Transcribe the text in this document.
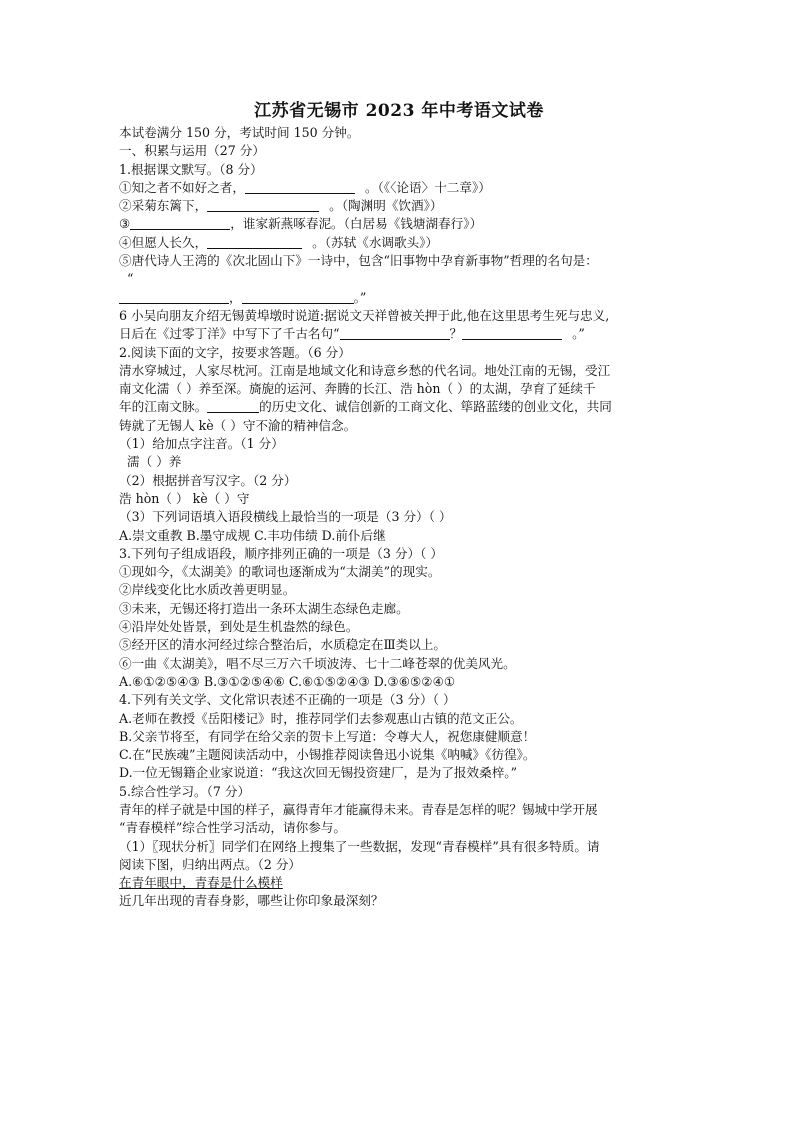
江苏省无锡市 2023 年中考语文试卷
本试卷满分 150 分，考试时间 150 分钟。
一、积累与运用（27 分）
1.根据课文默写。（8 分）
①知之者不如好之者，	。（《〈论语〉十二章》）
②采菊东篱下，	。（陶渊明《饮酒》）
③	，谁家新燕啄春泥。（白居易《钱塘湖春行》）
④但愿人长久，	。（苏轼《水调歌头》）
⑤唐代诗人王湾的《次北固山下》一诗中，包含“旧事物中孕育新事物”哲理的名句是：
“
，	。”
6 小吴向朋友介绍无锡黄埠墩时说道:据说文天祥曾被关押于此,他在这里思考生死与忠义,
日后在《过零丁洋》中写下了千古名句“	？	。”
2.阅读下面的文字，按要求答题。（6 分）
清水穿城过，人家尽枕河。江南是地域文化和诗意乡愁的代名词。地处江南的无锡，受江
南文化濡（ ）养至深。旖旎的运河、奔腾的长江、浩 hòn（ ）的太湖，孕育了延续千
年的江南文脉。	的历史文化、诚信创新的工商文化、筚路蓝缕的创业文化，共同
铸就了无锡人 kè（ ）守不渝的精神信念。
（1）给加点字注音。（1 分）
濡（ ）养
（2）根据拼音写汉字。（2 分）
浩 hòn（ ） kè（ ）守
（3）下列词语填入语段横线上最恰当的一项是（3 分）（ ）
A.崇文重教 B.墨守成规 C.丰功伟绩 D.前仆后继
3.下列句子组成语段，顺序排列正确的一项是（3 分）（ ）
①现如今，《太湖美》的歌词也逐渐成为“太湖美”的现实。
②岸线变化比水质改善更明显。
③未来，无锡还将打造出一条环太湖生态绿色走廊。
④沿岸处处皆景，到处是生机盎然的绿色。
⑤经开区的清水河经过综合整治后，水质稳定在Ⅲ类以上。
⑥一曲《太湖美》，唱不尽三万六千顷波涛、七十二峰苍翠的优美风光。
A.⑥①②⑤④③ B.③①②⑤④⑥ C.⑥①⑤②④③ D.③⑥⑤②④①
4.下列有关文学、文化常识表述不正确的一项是（3 分）（ ）
A.老师在教授《岳阳楼记》时，推荐同学们去参观惠山古镇的范文正公。
B.父亲节将至，有同学在给父亲的贺卡上写道：令尊大人，祝您康健顺意！
C.在“民族魂”主题阅读活动中，小锡推荐阅读鲁迅小说集《呐喊》《彷徨》。
D.一位无锡籍企业家说道：“我这次回无锡投资建厂，是为了报效桑梓。”
5.综合性学习。（7 分）
青年的样子就是中国的样子，赢得青年才能赢得未来。青春是怎样的呢？锡城中学开展
“青春模样”综合性学习活动，请你参与。
（1）〖现状分析〗同学们在网络上搜集了一些数据，发现“青春模样”具有很多特质。请
阅读下图，归纳出两点。（2 分）
在青年眼中，青春是什么模样
近几年出现的青春身影，哪些让你印象最深刻？
